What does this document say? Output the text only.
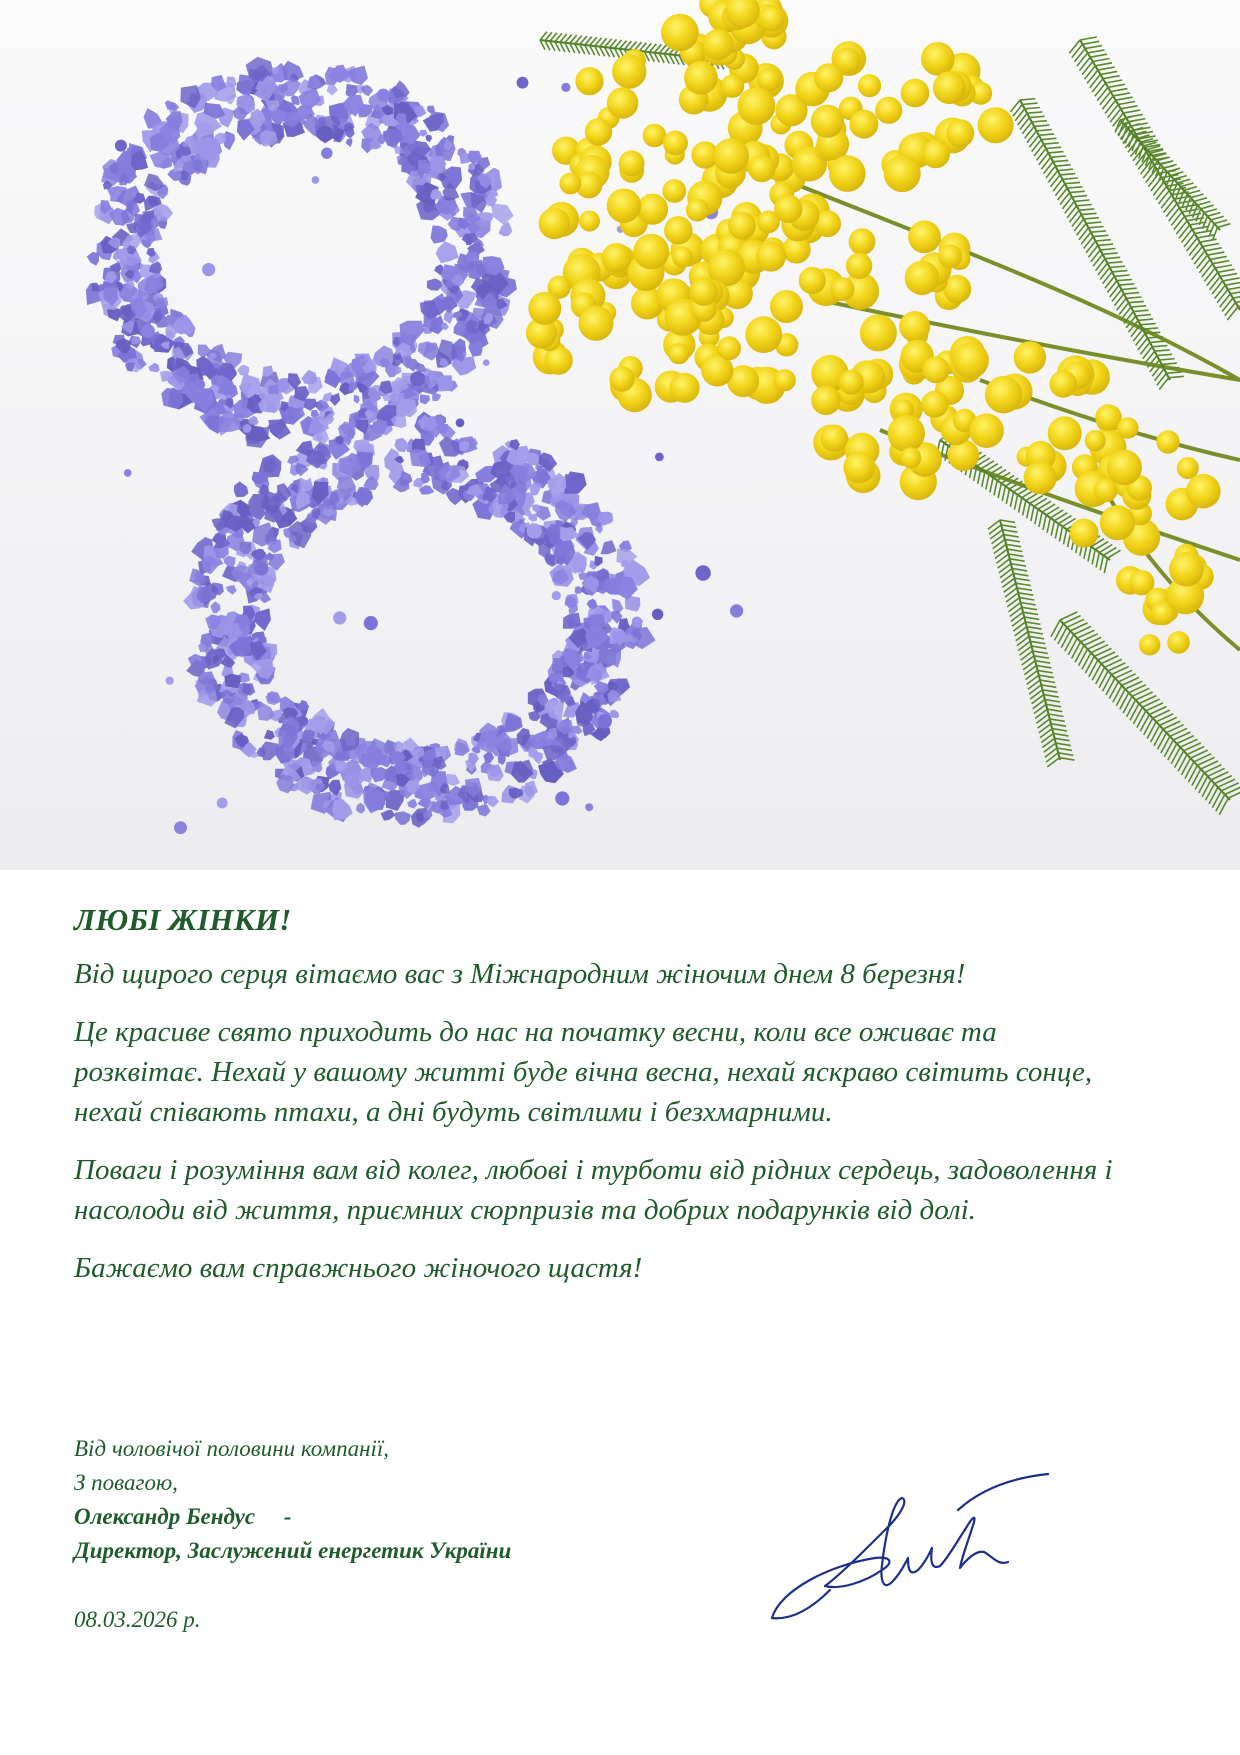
ЛЮБІ ЖІНКИ!

Від щирого серця вітаємо вас з Міжнародним жіночим днем 8 березня!

Це красиве свято приходить до нас на початку весни, коли все оживає та розквітає. Нехай у вашому житті буде вічна весна, нехай яскраво світить сонце, нехай співають птахи, а дні будуть світлими і безхмарними.

Поваги і розуміння вам від колег, любові і турботи від рідних сердець, задоволення і насолоди від життя, приємних сюрпризів та добрих подарунків від долі.

Бажаємо вам справжнього жіночого щастя!

Від чоловічої половини компанії,
З повагою,
Олександр Бендус     -
Директор, Заслужений енергетик України
08.03.2026 р.
